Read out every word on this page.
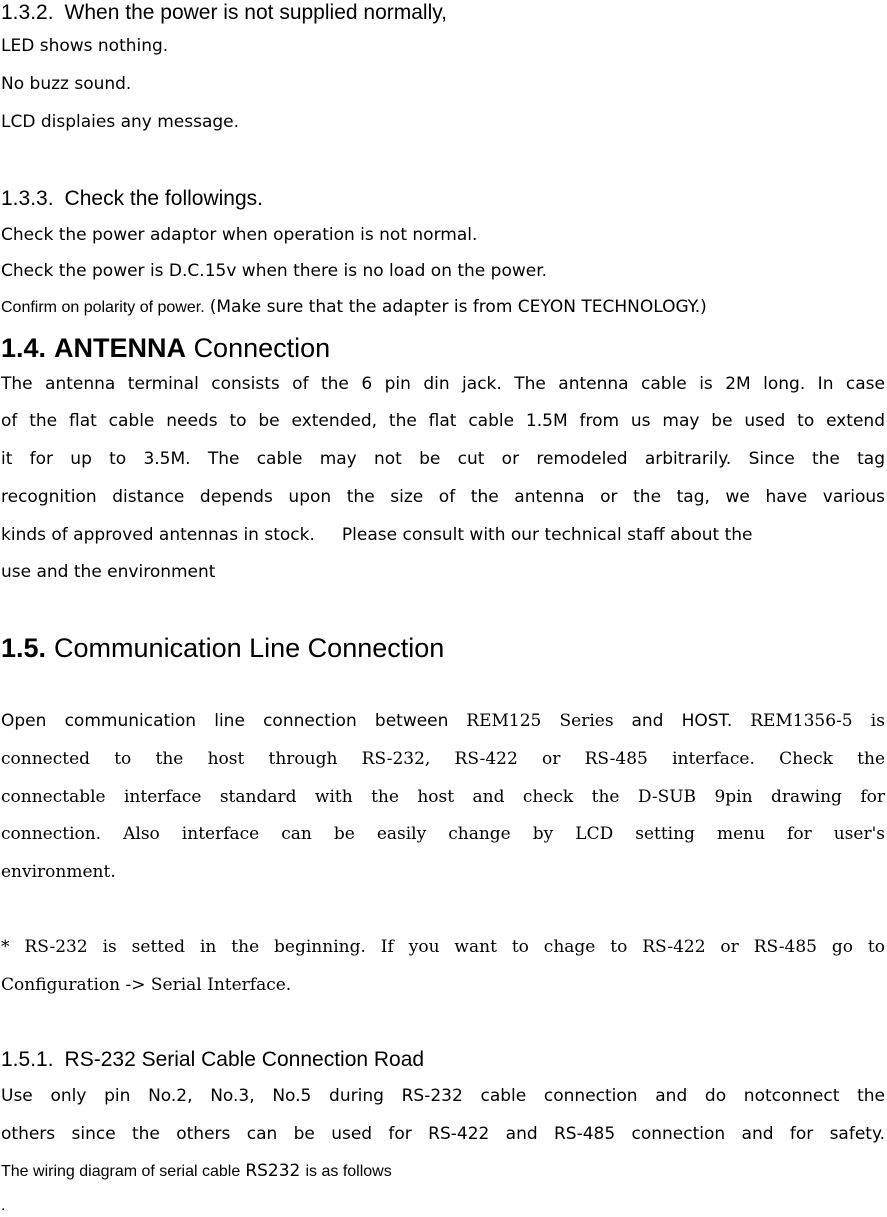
1.3.2. When the power is not supplied normally,
LED shows nothing.
No buzz sound.
LCD displaies any message.
1.3.3. Check the followings.
Check the power adaptor when operation is not normal.
Check the power is D.C.15v when there is no load on the power.
Confirm on polarity of power. (Make sure that the adapter is from CEYON TECHNOLOGY.)
1.4. ANTENNA Connection
The antenna terminal consists of the 6 pin din jack. The antenna cable is 2M long. In case
of the flat cable needs to be extended, the flat cable 1.5M from us may be used to extend
it for up to 3.5M. The cable may not be cut or remodeled arbitrarily. Since the tag
recognition distance depends upon the size of the antenna or the tag, we have various
kinds of approved antennas in stock.     Please consult with our technical staff about the
use and the environment
1.5. Communication Line Connection
Open communication line connection between REM125 Series and HOST. REM1356-5 is
connected to the host through RS-232, RS-422 or RS-485 interface. Check the
connectable interface standard with the host and check the D-SUB 9pin drawing for
connection. Also interface can be easily change by LCD setting menu for user's
environment.
* RS-232 is setted in the beginning. If you want to chage to RS-422 or RS-485 go to
Configuration -> Serial Interface.
1.5.1. RS-232 Serial Cable Connection Road
Use only pin No.2, No.3, No.5 during RS-232 cable connection and do notconnect the
others since the others can be used for RS-422 and RS-485 connection and for safety.
The wiring diagram of serial cable RS232 is as follows
.
